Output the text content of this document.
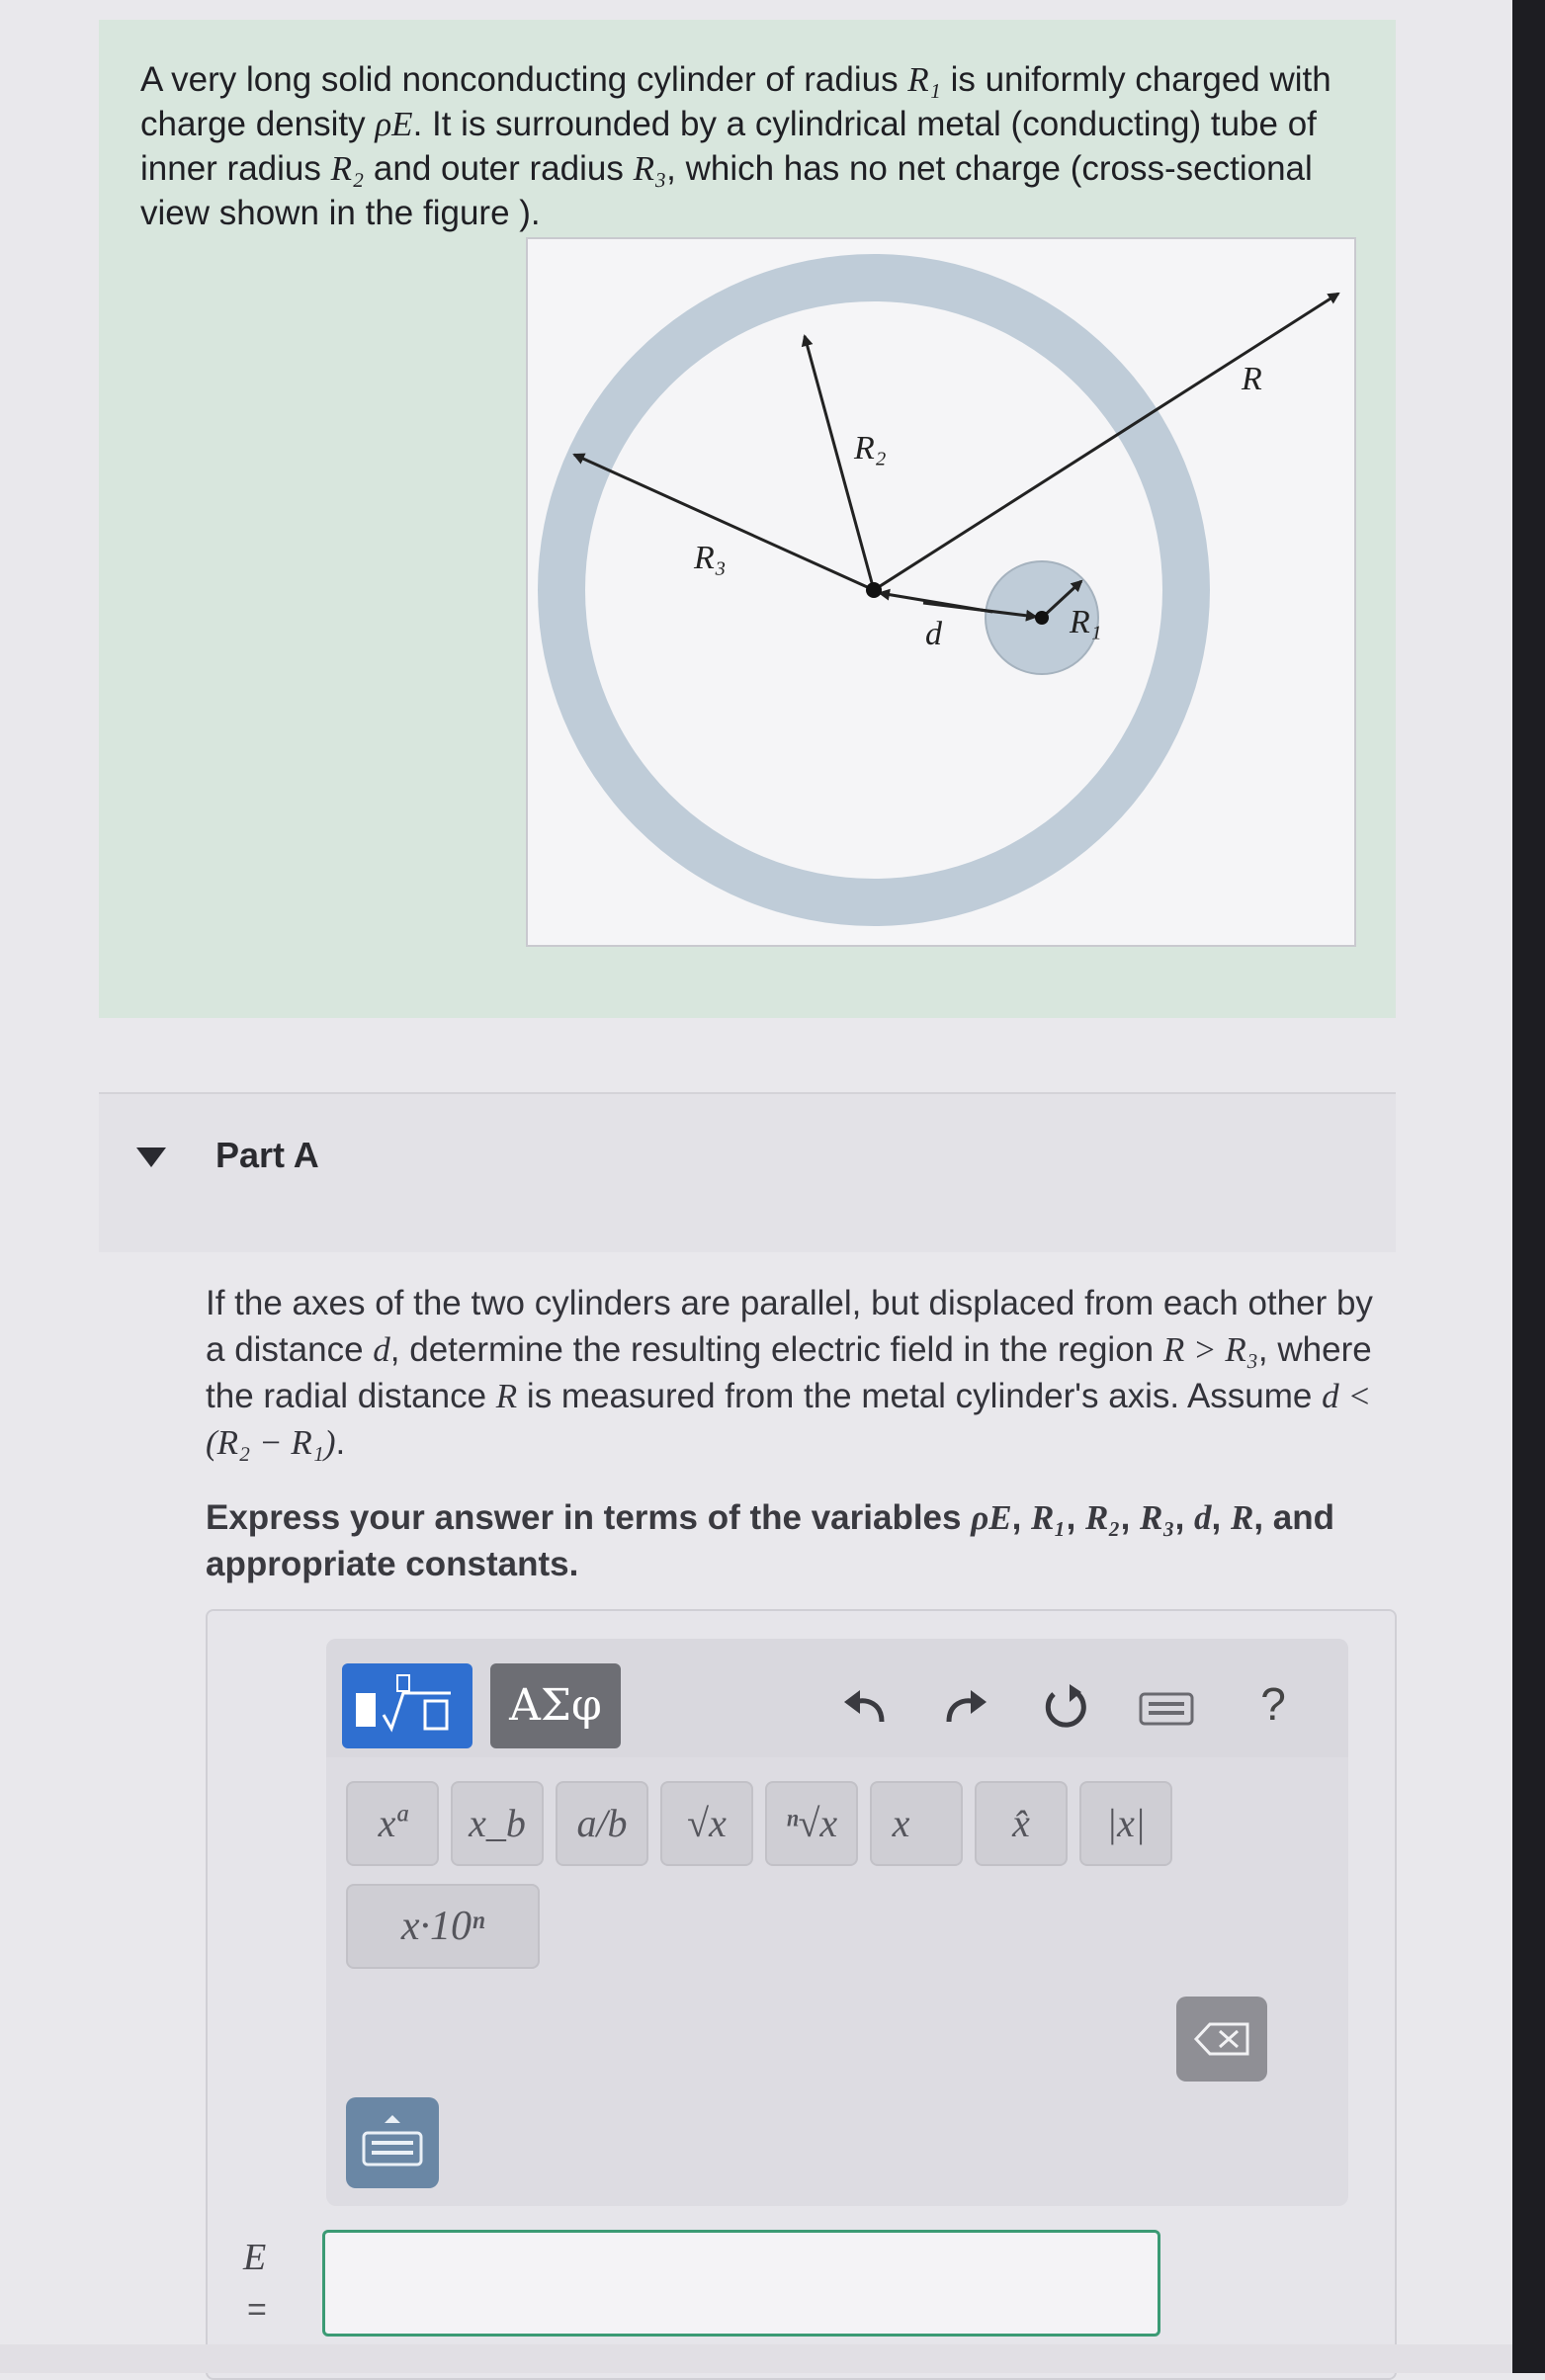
A very long solid nonconducting cylinder of radius R₁ is uniformly charged with charge density ρE. It is surrounded by a cylindrical metal (conducting) tube of inner radius R₂ and outer radius R₃, which has no net charge (cross-sectional view shown in the figure ).
R₃
R₂
R
d	R₁
Part A
If the axes of the two cylinders are parallel, but displaced from each other by a distance d, determine the resulting electric field in the region R > R₃, where the radial distance R is measured from the metal cylinder's axis. Assume d < (R₂ − R₁).
Express your answer in terms of the variables ρE, R₁, R₂, R₃, d, R, and appropriate constants.
ΑΣφ	?
xª	x_b	a/b	√x	ⁿ√x	x⃗	x̂	|x|
x·10ⁿ
E
=
